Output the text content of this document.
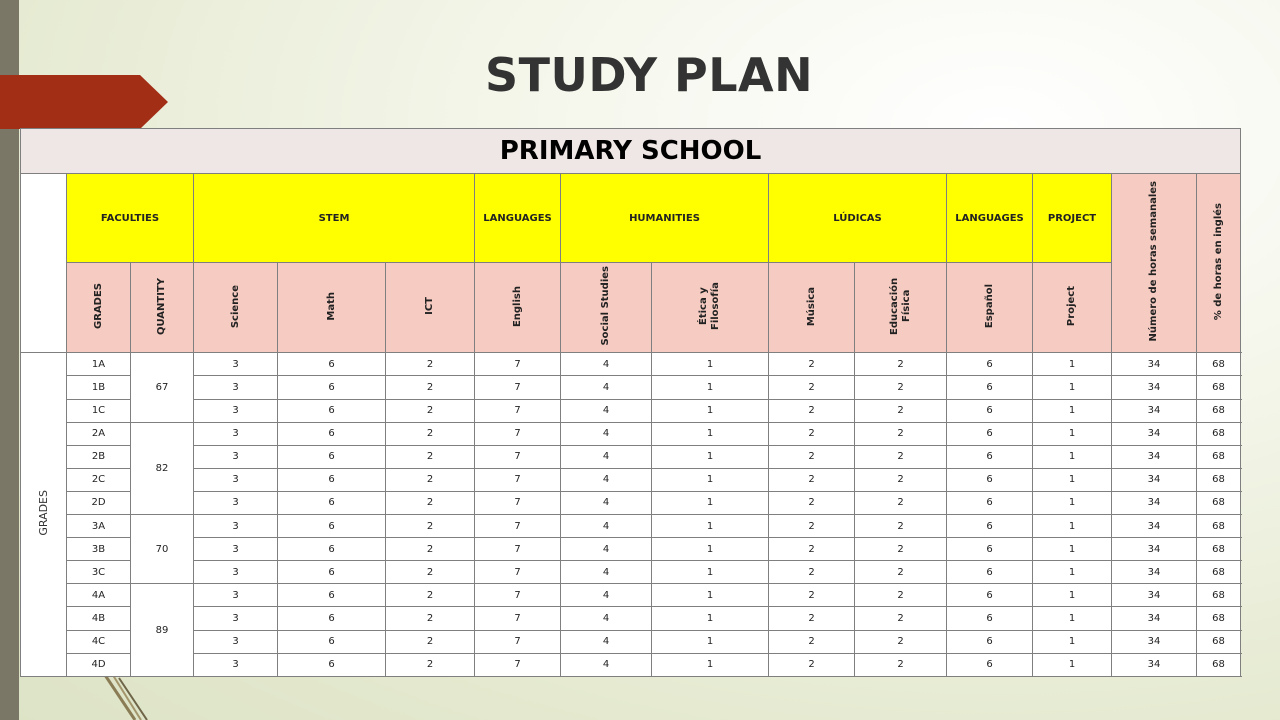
STUDY PLAN
PRIMARY SCHOOL														
	FACULTIES		STEM			LANGUAGES	HUMANITIES		LÚDICAS		LANGUAGES	PROJECT	Número de horas semanales	% de horas en inglés
	GRADES	QUANTITY	Science	Math	ICT	English	Social Studies	Ética y Filosofía	Música	Educación Física	Español	Project		
GRADES	1A	67	3	6	2	7	4	1	2	2	6	1	34	68
	1B		3	6	2	7	4	1	2	2	6	1	34	68
	1C		3	6	2	7	4	1	2	2	6	1	34	68
	2A	82	3	6	2	7	4	1	2	2	6	1	34	68
	2B		3	6	2	7	4	1	2	2	6	1	34	68
	2C		3	6	2	7	4	1	2	2	6	1	34	68
	2D		3	6	2	7	4	1	2	2	6	1	34	68
	3A	70	3	6	2	7	4	1	2	2	6	1	34	68
	3B		3	6	2	7	4	1	2	2	6	1	34	68
	3C		3	6	2	7	4	1	2	2	6	1	34	68
	4A	89	3	6	2	7	4	1	2	2	6	1	34	68
	4B		3	6	2	7	4	1	2	2	6	1	34	68
	4C		3	6	2	7	4	1	2	2	6	1	34	68
	4D		3	6	2	7	4	1	2	2	6	1	34	68
